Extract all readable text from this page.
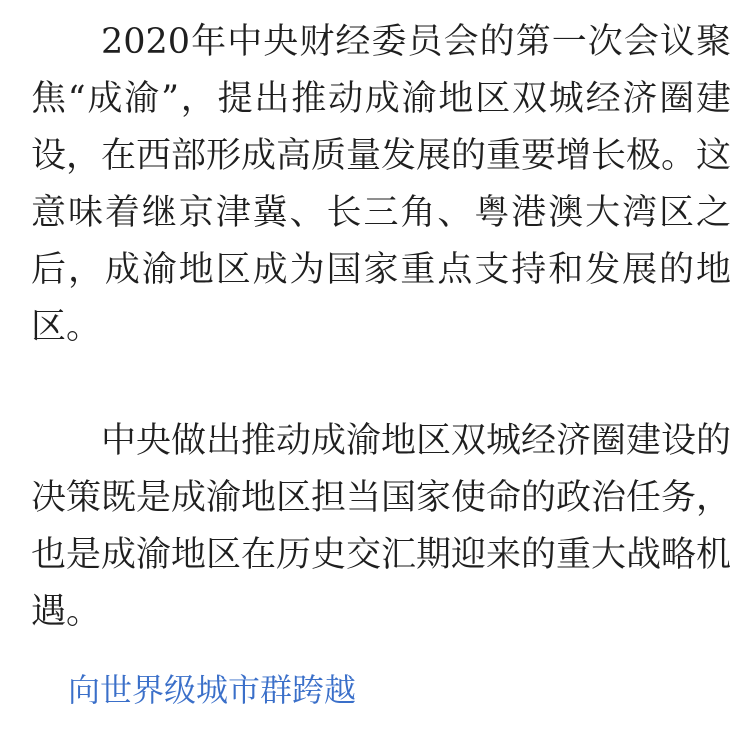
2020年中央财经委员会的第一次会议聚焦“成渝”，提出推动成渝地区双城经济圈建设，在西部形成高质量发展的重要增长极。这意味着继京津冀、长三角、粤港澳大湾区之后，成渝地区成为国家重点支持和发展的地区。

中央做出推动成渝地区双城经济圈建设的决策既是成渝地区担当国家使命的政治任务，也是成渝地区在历史交汇期迎来的重大战略机遇。

向世界级城市群跨越
